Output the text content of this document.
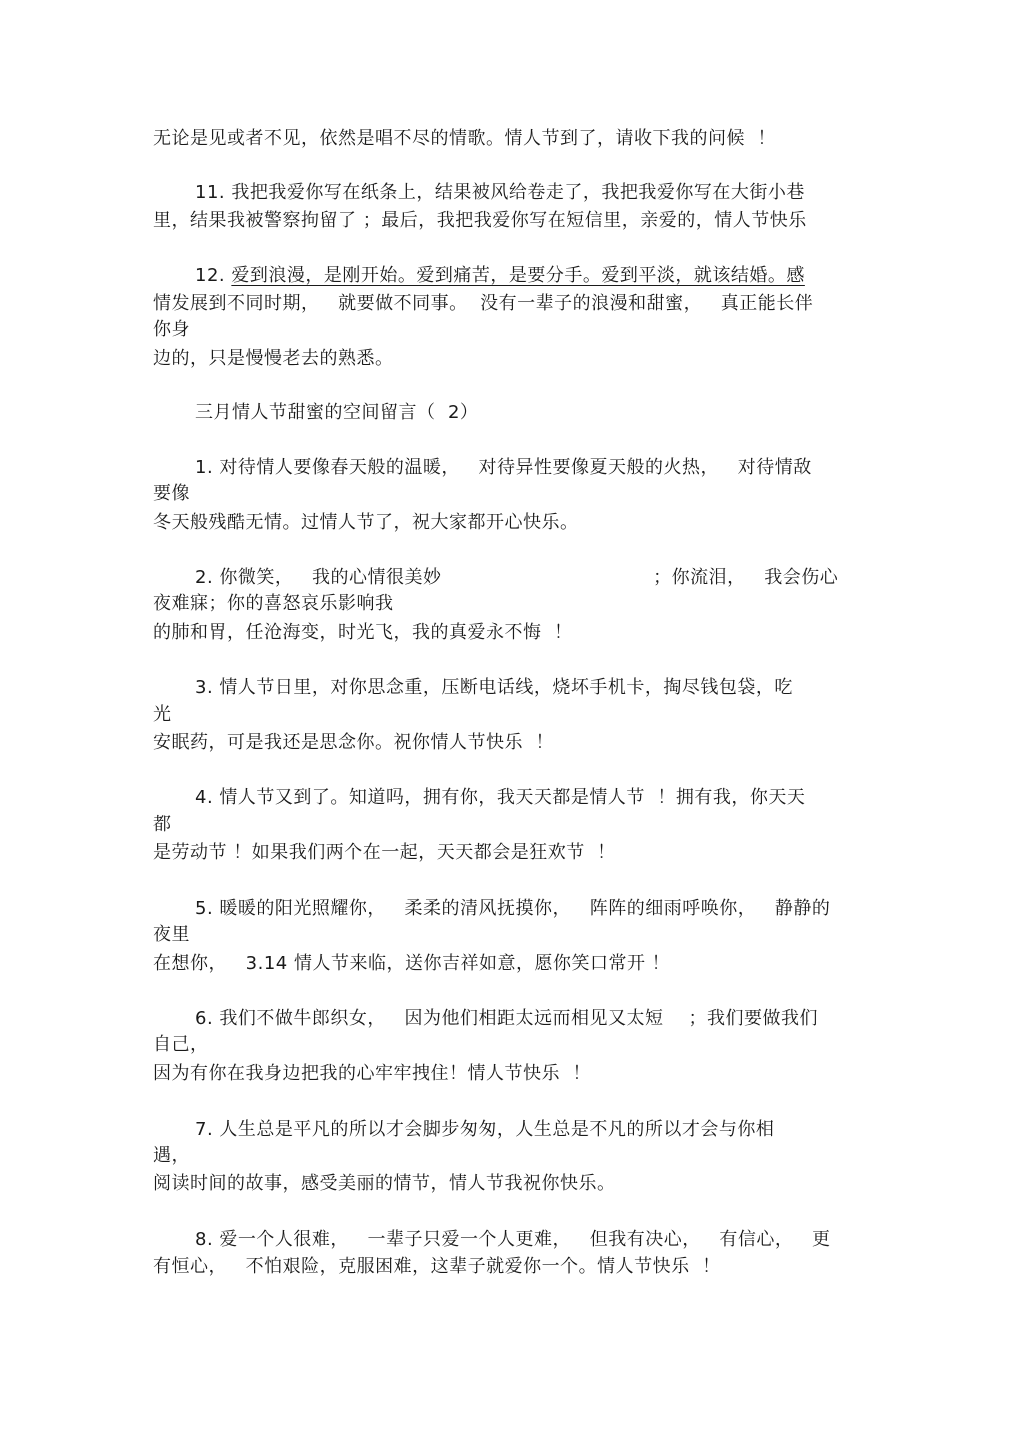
无论是见或者不见，依然是唱不尽的情歌。情人节到了，请收下我的问候  ！
11. 我把我爱你写在纸条上，结果被风给卷走了，我把我爱你写在大街小巷
里，结果我被警察拘留了 ；最后，我把我爱你写在短信里，亲爱的，情人节快乐
12. 爱到浪漫，是刚开始。爱到痛苦，是要分手。爱到平淡，就该结婚。感
情发展到不同时期，   就要做不同事。  没有一辈子的浪漫和甜蜜，   真正能长伴
你身
边的，只是慢慢老去的熟悉。
三月情人节甜蜜的空间留言（  2）
1. 对待情人要像春天般的温暖，   对待异性要像夏天般的火热，   对待情敌
要像
冬天般残酷无情。过情人节了，祝大家都开心快乐。
2. 你微笑，   我的心情很美妙                                  ；你流泪，   我会伤心
夜难寐；你的喜怒哀乐影响我
的肺和胃，任沧海变，时光飞，我的真爱永不悔  ！
3. 情人节日里，对你思念重，压断电话线，烧坏手机卡，掏尽钱包袋，吃
光
安眠药，可是我还是思念你。祝你情人节快乐  ！
4. 情人节又到了。知道吗，拥有你，我天天都是情人节  ！拥有我，你天天
都
是劳动节 ！如果我们两个在一起，天天都会是狂欢节  ！
5. 暖暖的阳光照耀你，   柔柔的清风抚摸你，   阵阵的细雨呼唤你，   静静的
夜里
在想你，   3.14 情人节来临，送你吉祥如意，愿你笑口常开 ！
6. 我们不做牛郎织女，   因为他们相距太远而相见又太短    ；我们要做我们
自己，
因为有你在我身边把我的心牢牢拽住！情人节快乐  ！
7. 人生总是平凡的所以才会脚步匆匆，人生总是不凡的所以才会与你相
遇，
阅读时间的故事，感受美丽的情节，情人节我祝你快乐。
8. 爱一个人很难，   一辈子只爱一个人更难，   但我有决心，   有信心，   更
有恒心，   不怕艰险，克服困难，这辈子就爱你一个。情人节快乐  ！
